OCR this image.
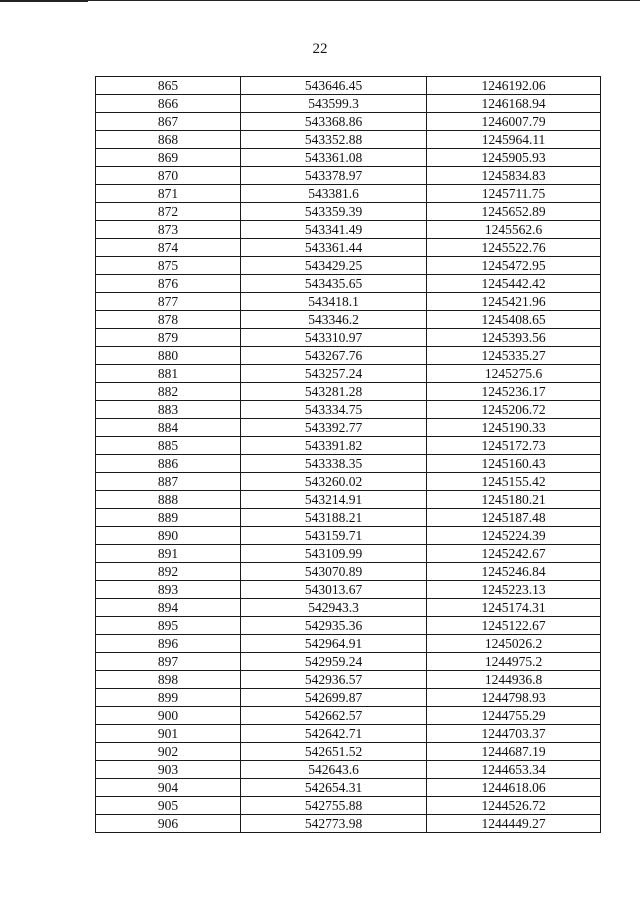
22
865	543646.45	1246192.06
866	543599.3	1246168.94
867	543368.86	1246007.79
868	543352.88	1245964.11
869	543361.08	1245905.93
870	543378.97	1245834.83
871	543381.6	1245711.75
872	543359.39	1245652.89
873	543341.49	1245562.6
874	543361.44	1245522.76
875	543429.25	1245472.95
876	543435.65	1245442.42
877	543418.1	1245421.96
878	543346.2	1245408.65
879	543310.97	1245393.56
880	543267.76	1245335.27
881	543257.24	1245275.6
882	543281.28	1245236.17
883	543334.75	1245206.72
884	543392.77	1245190.33
885	543391.82	1245172.73
886	543338.35	1245160.43
887	543260.02	1245155.42
888	543214.91	1245180.21
889	543188.21	1245187.48
890	543159.71	1245224.39
891	543109.99	1245242.67
892	543070.89	1245246.84
893	543013.67	1245223.13
894	542943.3	1245174.31
895	542935.36	1245122.67
896	542964.91	1245026.2
897	542959.24	1244975.2
898	542936.57	1244936.8
899	542699.87	1244798.93
900	542662.57	1244755.29
901	542642.71	1244703.37
902	542651.52	1244687.19
903	542643.6	1244653.34
904	542654.31	1244618.06
905	542755.88	1244526.72
906	542773.98	1244449.27
